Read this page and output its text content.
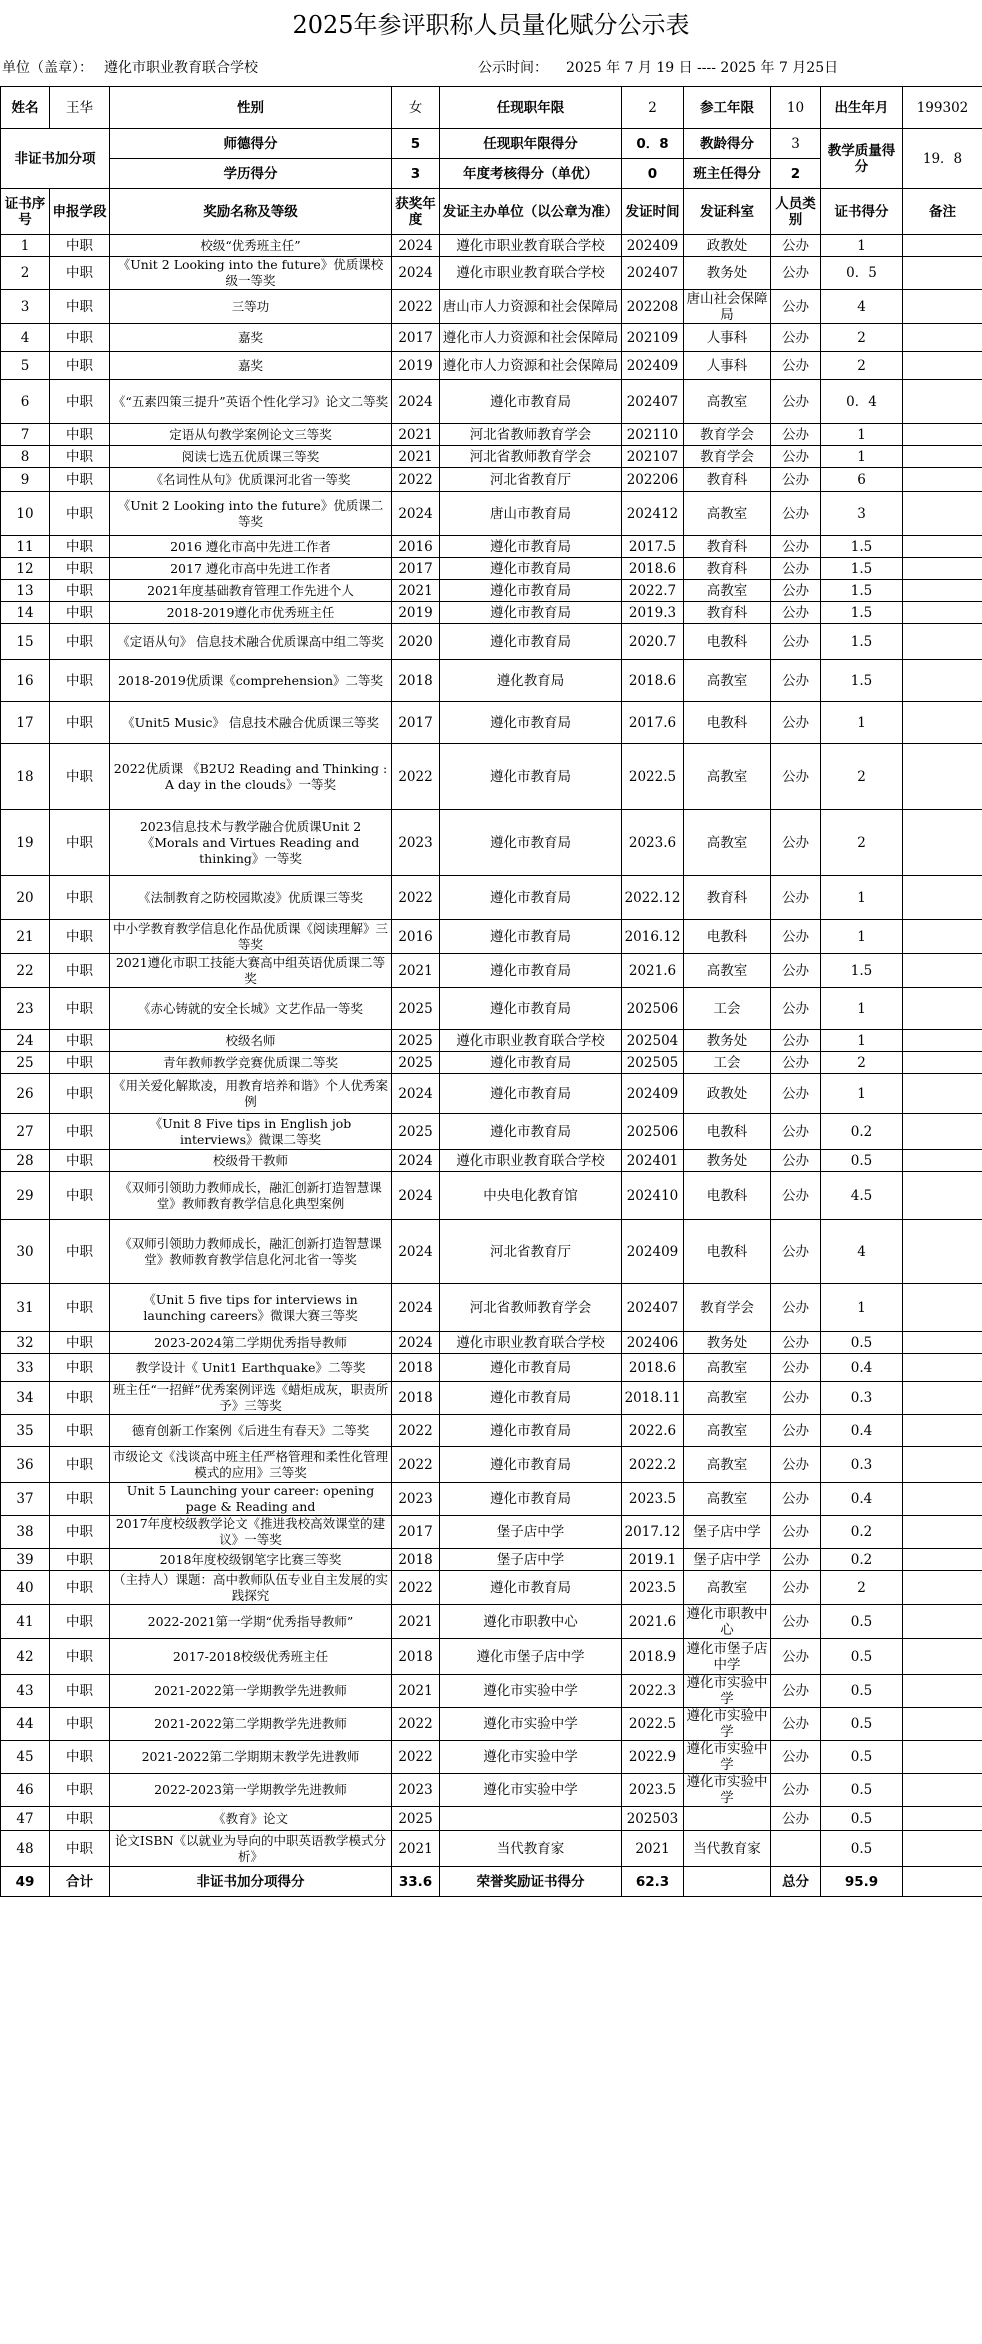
2025年参评职称人员量化赋分公示表
单位（盖章）： 遵化市职业教育联合学校	公示时间： 2025 年 7 月 19 日 ---- 2025 年 7 月25日
姓名	王华	性别	女	任现职年限	2	参工年限	10	出生年月	199302
非证书加分项		师德得分	5	任现职年限得分	0．8	教龄得分	3	教学质量得分	19．8
		学历得分	3	年度考核得分（单优）	0	班主任得分	2		
证书序号	申报学段	奖励名称及等级	获奖年度	发证主办单位（以公章为准）	发证时间	发证科室	人员类别	证书得分	备注
1	中职	校级“优秀班主任”	2024	遵化市职业教育联合学校	202409	政教处	公办	1	
2	中职	《Unit 2 Looking into the future》优质课校级一等奖	2024	遵化市职业教育联合学校	202407	教务处	公办	0．5	
3	中职	三等功	2022	唐山市人力资源和社会保障局	202208	唐山社会保障局	公办	4	
4	中职	嘉奖	2017	遵化市人力资源和社会保障局	202109	人事科	公办	2	
5	中职	嘉奖	2019	遵化市人力资源和社会保障局	202409	人事科	公办	2	
6	中职	《“五素四策三提升”英语个性化学习》论文二等奖	2024	遵化市教育局	202407	高教室	公办	0．4	
7	中职	定语从句教学案例论文三等奖	2021	河北省教师教育学会	202110	教育学会	公办	1	
8	中职	阅读七选五优质课三等奖	2021	河北省教师教育学会	202107	教育学会	公办	1	
9	中职	《名词性从句》优质课河北省一等奖	2022	河北省教育厅	202206	教育科	公办	6	
10	中职	《Unit 2 Looking into the future》优质课二等奖	2024	唐山市教育局	202412	高教室	公办	3	
11	中职	2016 遵化市高中先进工作者	2016	遵化市教育局	2017.5	教育科	公办	1.5	
12	中职	2017 遵化市高中先进工作者	2017	遵化市教育局	2018.6	教育科	公办	1.5	
13	中职	2021年度基础教育管理工作先进个人	2021	遵化市教育局	2022.7	高教室	公办	1.5	
14	中职	2018-2019遵化市优秀班主任	2019	遵化市教育局	2019.3	教育科	公办	1.5	
15	中职	《定语从句》 信息技术融合优质课高中组二等奖	2020	遵化市教育局	2020.7	电教科	公办	1.5	
16	中职	2018-2019优质课《comprehension》二等奖	2018	遵化教育局	2018.6	高教室	公办	1.5	
17	中职	《Unit5 Music》 信息技术融合优质课三等奖	2017	遵化市教育局	2017.6	电教科	公办	1	
18	中职	2022优质课 《B2U2 Reading and Thinking : A day in the clouds》一等奖	2022	遵化市教育局	2022.5	高教室	公办	2	
19	中职	2023信息技术与教学融合优质课Unit 2《Morals and Virtues Reading and thinking》一等奖	2023	遵化市教育局	2023.6	高教室	公办	2	
20	中职	《法制教育之防校园欺凌》优质课三等奖	2022	遵化市教育局	2022.12	教育科	公办	1	
21	中职	中小学教育教学信息化作品优质课《阅读理解》三等奖	2016	遵化市教育局	2016.12	电教科	公办	1	
22	中职	2021遵化市职工技能大赛高中组英语优质课二等奖	2021	遵化市教育局	2021.6	高教室	公办	1.5	
23	中职	《赤心铸就的安全长城》文艺作品一等奖	2025	遵化市教育局	202506	工会	公办	1	
24	中职	校级名师	2025	遵化市职业教育联合学校	202504	教务处	公办	1	
25	中职	青年教师教学竞赛优质课二等奖	2025	遵化市教育局	202505	工会	公办	2	
26	中职	《用关爱化解欺凌，用教育培养和谐》个人优秀案例	2024	遵化市教育局	202409	政教处	公办	1	
27	中职	《Unit 8 Five tips in English job interviews》微课二等奖	2025	遵化市教育局	202506	电教科	公办	0.2	
28	中职	校级骨干教师	2024	遵化市职业教育联合学校	202401	教务处	公办	0.5	
29	中职	《双师引领助力教师成长，融汇创新打造智慧课堂》教师教育教学信息化典型案例	2024	中央电化教育馆	202410	电教科	公办	4.5	
30	中职	《双师引领助力教师成长，融汇创新打造智慧课堂》教师教育教学信息化河北省一等奖	2024	河北省教育厅	202409	电教科	公办	4	
31	中职	《Unit 5 five tips for interviews in launching careers》微课大赛三等奖	2024	河北省教师教育学会	202407	教育学会	公办	1	
32	中职	2023-2024第二学期优秀指导教师	2024	遵化市职业教育联合学校	202406	教务处	公办	0.5	
33	中职	教学设计《 Unit1 Earthquake》二等奖	2018	遵化市教育局	2018.6	高教室	公办	0.4	
34	中职	班主任“一招鲜”优秀案例评选《蜡炬成灰，职责所予》三等奖	2018	遵化市教育局	2018.11	高教室	公办	0.3	
35	中职	德育创新工作案例《后进生有春天》二等奖	2022	遵化市教育局	2022.6	高教室	公办	0.4	
36	中职	市级论文《浅谈高中班主任严格管理和柔性化管理模式的应用》三等奖	2022	遵化市教育局	2022.2	高教室	公办	0.3	
37	中职	Unit 5 Launching your career: opening page & Reading and	2023	遵化市教育局	2023.5	高教室	公办	0.4	
38	中职	2017年度校级教学论文《推进我校高效课堂的建议》一等奖	2017	堡子店中学	2017.12	堡子店中学	公办	0.2	
39	中职	2018年度校级钢笔字比赛三等奖	2018	堡子店中学	2019.1	堡子店中学	公办	0.2	
40	中职	（主持人）课题：高中教师队伍专业自主发展的实践探究	2022	遵化市教育局	2023.5	高教室	公办	2	
41	中职	2022-2021第一学期“优秀指导教师”	2021	遵化市职教中心	2021.6	遵化市职教中心	公办	0.5	
42	中职	2017-2018校级优秀班主任	2018	遵化市堡子店中学	2018.9	遵化市堡子店中学	公办	0.5	
43	中职	2021-2022第一学期教学先进教师	2021	遵化市实验中学	2022.3	遵化市实验中学	公办	0.5	
44	中职	2021-2022第二学期教学先进教师	2022	遵化市实验中学	2022.5	遵化市实验中学	公办	0.5	
45	中职	2021-2022第二学期期末教学先进教师	2022	遵化市实验中学	2022.9	遵化市实验中学	公办	0.5	
46	中职	2022-2023第一学期教学先进教师	2023	遵化市实验中学	2023.5	遵化市实验中学	公办	0.5	
47	中职	《教育》论文	2025		202503		公办	0.5	
48	中职	论文ISBN《以就业为导向的中职英语教学模式分析》	2021	当代教育家	2021	当代教育家		0.5	
49	合计	非证书加分项得分	33.6	荣誉奖励证书得分	62.3		总分	95.9	
